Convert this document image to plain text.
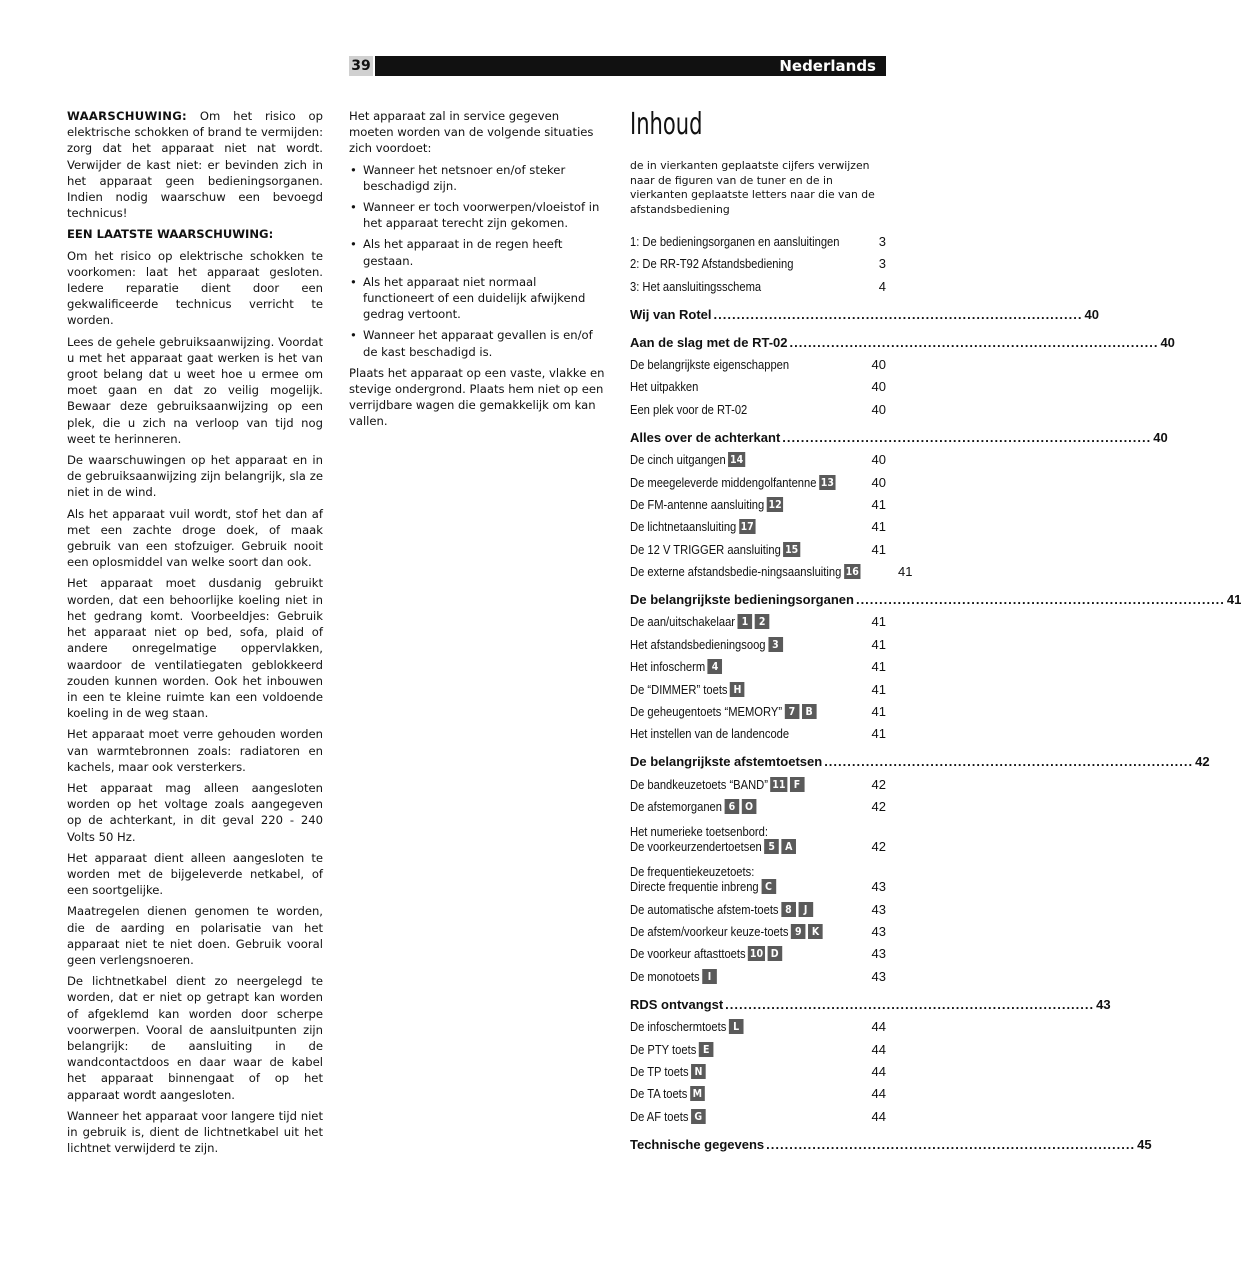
39	Nederlands

WAARSCHUWING: Om het risico op elektrische schokken of brand te vermijden: zorg dat het apparaat niet nat wordt. Verwijder de kast niet: er bevinden zich in het apparaat geen bedieningsorganen. Indien nodig waarschuw een bevoegd technicus!

EEN LAATSTE WAARSCHUWING:

Om het risico op elektrische schokken te voorkomen: laat het apparaat gesloten. Iedere reparatie dient door een gekwalificeerde technicus verricht te worden.

Lees de gehele gebruiksaanwijzing. Voordat u met het apparaat gaat werken is het van groot belang dat u weet hoe u ermee om moet gaan en dat zo veilig mogelijk. Bewaar deze gebruiksaanwijzing op een plek, die u zich na verloop van tijd nog weet te herinneren.

De waarschuwingen op het apparaat en in de gebruiksaanwijzing zijn belangrijk, sla ze niet in de wind.

Als het apparaat vuil wordt, stof het dan af met een zachte droge doek, of maak gebruik van een stofzuiger. Gebruik nooit een oplosmiddel van welke soort dan ook.

Het apparaat moet dusdanig gebruikt worden, dat een behoorlijke koeling niet in het gedrang komt. Voorbeeldjes: Gebruik het apparaat niet op bed, sofa, plaid of andere onregelmatige oppervlakken, waardoor de ventilatiegaten geblokkeerd zouden kunnen worden. Ook het inbouwen in een te kleine ruimte kan een voldoende koeling in de weg staan.

Het apparaat moet verre gehouden worden van warmtebronnen zoals: radiatoren en kachels, maar ook versterkers.

Het apparaat mag alleen aangesloten worden op het voltage zoals aangegeven op de achterkant, in dit geval 220 - 240 Volts 50 Hz.

Het apparaat dient alleen aangesloten te worden met de bijgeleverde netkabel, of een soortgelijke.

Maatregelen dienen genomen te worden, die de aarding en polarisatie van het apparaat niet te niet doen. Gebruik vooral geen verlengsnoeren.

De lichtnetkabel dient zo neergelegd te worden, dat er niet op getrapt kan worden of afgeklemd kan worden door scherpe voorwerpen. Vooral de aansluitpunten zijn belangrijk: de aansluiting in de wandcontactdoos en daar waar de kabel het apparaat binnengaat of op het apparaat wordt aangesloten.

Wanneer het apparaat voor langere tijd niet in gebruik is, dient de lichtnetkabel uit het lichtnet verwijderd te zijn.

Het apparaat zal in service gegeven moeten worden van de volgende situaties zich voordoet:

• Wanneer het netsnoer en/of steker beschadigd zijn.
• Wanneer er toch voorwerpen/vloeistof in het apparaat terecht zijn gekomen.
• Als het apparaat in de regen heeft gestaan.
• Als het apparaat niet normaal functioneert of een duidelijk afwijkend gedrag vertoont.
• Wanneer het apparaat gevallen is en/of de kast beschadigd is.

Plaats het apparaat op een vaste, vlakke en stevige ondergrond. Plaats hem niet op een verrijdbare wagen die gemakkelijk om kan vallen.

Inhoud
de in vierkanten geplaatste cijfers verwijzen naar de figuren van de tuner en de in vierkanten geplaatste letters naar die van de afstandsbediening
1: De bedieningsorganen en aansluitingen	3
2: De RR-T92 Afstandsbediening	3
3: Het aansluitingsschema	4
Wij van Rotel ................................................................................ 40
Aan de slag met de RT-02 ................................................................................ 40
De belangrijkste eigenschappen	40
Het uitpakken	40
Een plek voor de RT-02	40
Alles over de achterkant ................................................................................ 40
De cinch uitgangen 14	40
De meegeleverde middengolfantenne 13	40
De FM-antenne aansluiting 12	41
De lichtnetaansluiting 17	41
De 12 V TRIGGER aansluiting 15	41
De externe afstandsbedie-ningsaansluiting 16	41
De belangrijkste bedieningsorganen ................................................................................ 41
De aan/uitschakelaar 1 2	41
Het afstandsbedieningsoog 3	41
Het infoscherm 4	41
De “DIMMER” toets H	41
De geheugentoets “MEMORY” 7 B	41
Het instellen van de landencode	41
De belangrijkste afstemtoetsen ................................................................................ 42
De bandkeuzetoets “BAND” 11 F	42
De afstemorganen 6 O	42
Het numerieke toetsenbord:
De voorkeurzendertoetsen 5 A	42
De frequentiekeuzetoets:
Directe frequentie inbreng C	43
De automatische afstem-toets 8	J	43
De afstem/voorkeur keuze-toets 9 K	43
De voorkeur aftasttoets 10 D	43
De monotoets I	43
RDS ontvangst ................................................................................ 43
De infoschermtoets L	44
De PTY toets E	44
De TP toets N	44
De TA toets M	44
De AF toets G	44
Technische gegevens ................................................................................ 45
